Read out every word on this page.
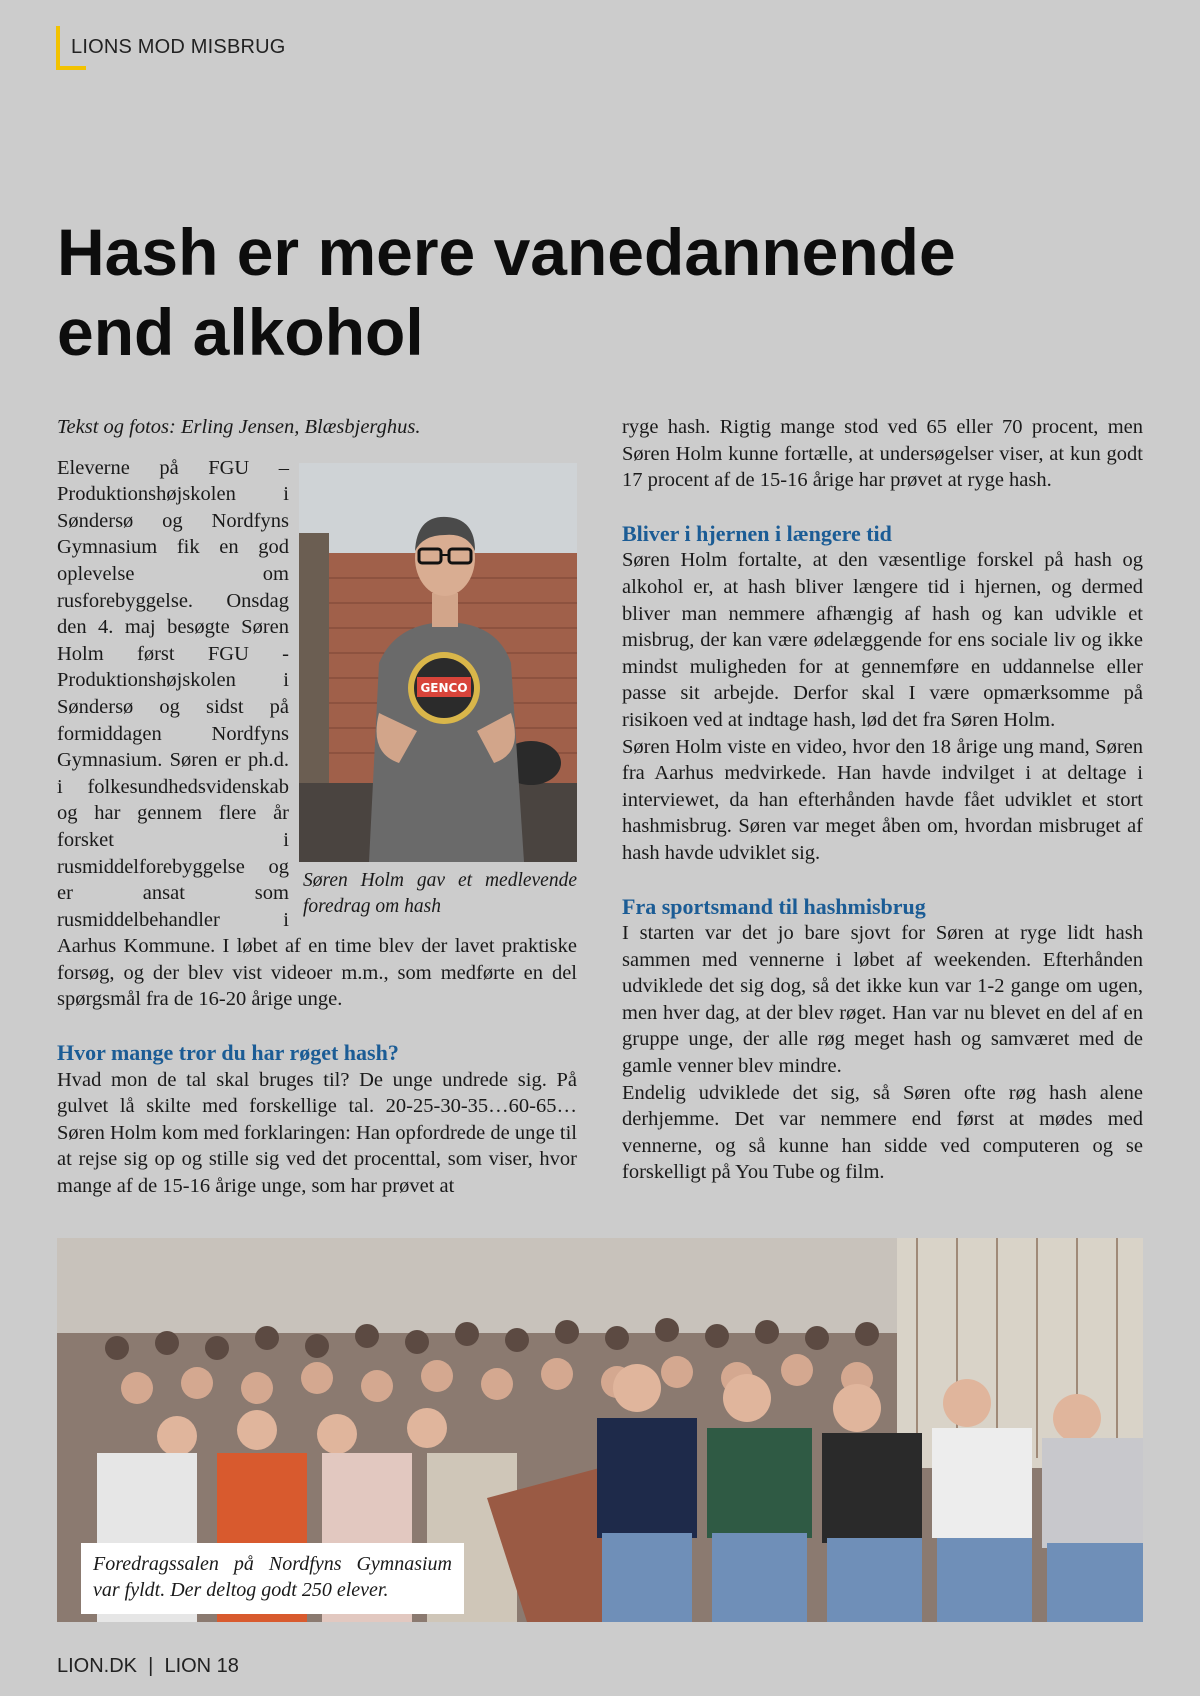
LIONS MOD MISBRUG
Hash er mere vanedannende
end alkohol

Tekst og fotos: Erling Jensen, Blæsbjerghus.

GENCO
Søren Holm gav et medlevende foredrag om hash

Eleverne på FGU – Produktionshøjskolen i Søndersø og Nordfyns Gymnasium fik en god oplevelse om rusforebyggelse. Onsdag den 4. maj besøgte Søren Holm først FGU - Produktionshøjskolen i Søndersø og sidst på formiddagen Nordfyns Gymnasium. Søren er ph.d. i folkesundhedsvidenskab og har gennem flere år forsket i rusmiddelforebyggelse og er ansat som rusmiddelbehandler i Aarhus Kommune. I løbet af en time blev der lavet praktiske forsøg, og der blev vist videoer m.m., som medførte en del spørgsmål fra de 16-20 årige unge.

Hvor mange tror du har røget hash?

Hvad mon de tal skal bruges til? De unge undrede sig. På gulvet lå skilte med forskellige tal. 20-25-30-35…60-65… Søren Holm kom med forklaringen: Han opfordrede de unge til at rejse sig op og stille sig ved det procenttal, som viser, hvor mange af de 15-16 årige unge, som har prøvet at

ryge hash. Rigtig mange stod ved 65 eller 70 procent, men Søren Holm kunne fortælle, at undersøgelser viser, at kun godt 17 procent af de 15-16 årige har prøvet at ryge hash.

Bliver i hjernen i længere tid

Søren Holm fortalte, at den væsentlige forskel på hash og alkohol er, at hash bliver længere tid i hjernen, og dermed bliver man nemmere afhængig af hash og kan udvikle et misbrug, der kan være ødelæggende for ens sociale liv og ikke mindst muligheden for at gennemføre en uddannelse eller passe sit arbejde. Derfor skal I være opmærksomme på risikoen ved at indtage hash, lød det fra Søren Holm.

Søren Holm viste en video, hvor den 18 årige ung mand, Søren fra Aarhus medvirkede. Han havde indvilget i at deltage i interviewet, da han efterhånden havde fået udviklet et stort hashmisbrug. Søren var meget åben om, hvordan misbruget af hash havde udviklet sig.

Fra sportsmand til hashmisbrug

I starten var det jo bare sjovt for Søren at ryge lidt hash sammen med vennerne i løbet af weekenden. Efterhånden udviklede det sig dog, så det ikke kun var 1-2 gange om ugen, men hver dag, at der blev røget. Han var nu blevet en del af en gruppe unge, der alle røg meget hash og samværet med de gamle venner blev mindre.

Endelig udviklede det sig, så Søren ofte røg hash alene derhjemme. Det var nemmere end først at mødes med vennerne, og så kunne han sidde ved computeren og se forskelligt på You Tube og film.

Foredragssalen på Nordfyns Gymnasium var fyldt. Der deltog godt 250 elever.
LION.DK  |  LION 18
